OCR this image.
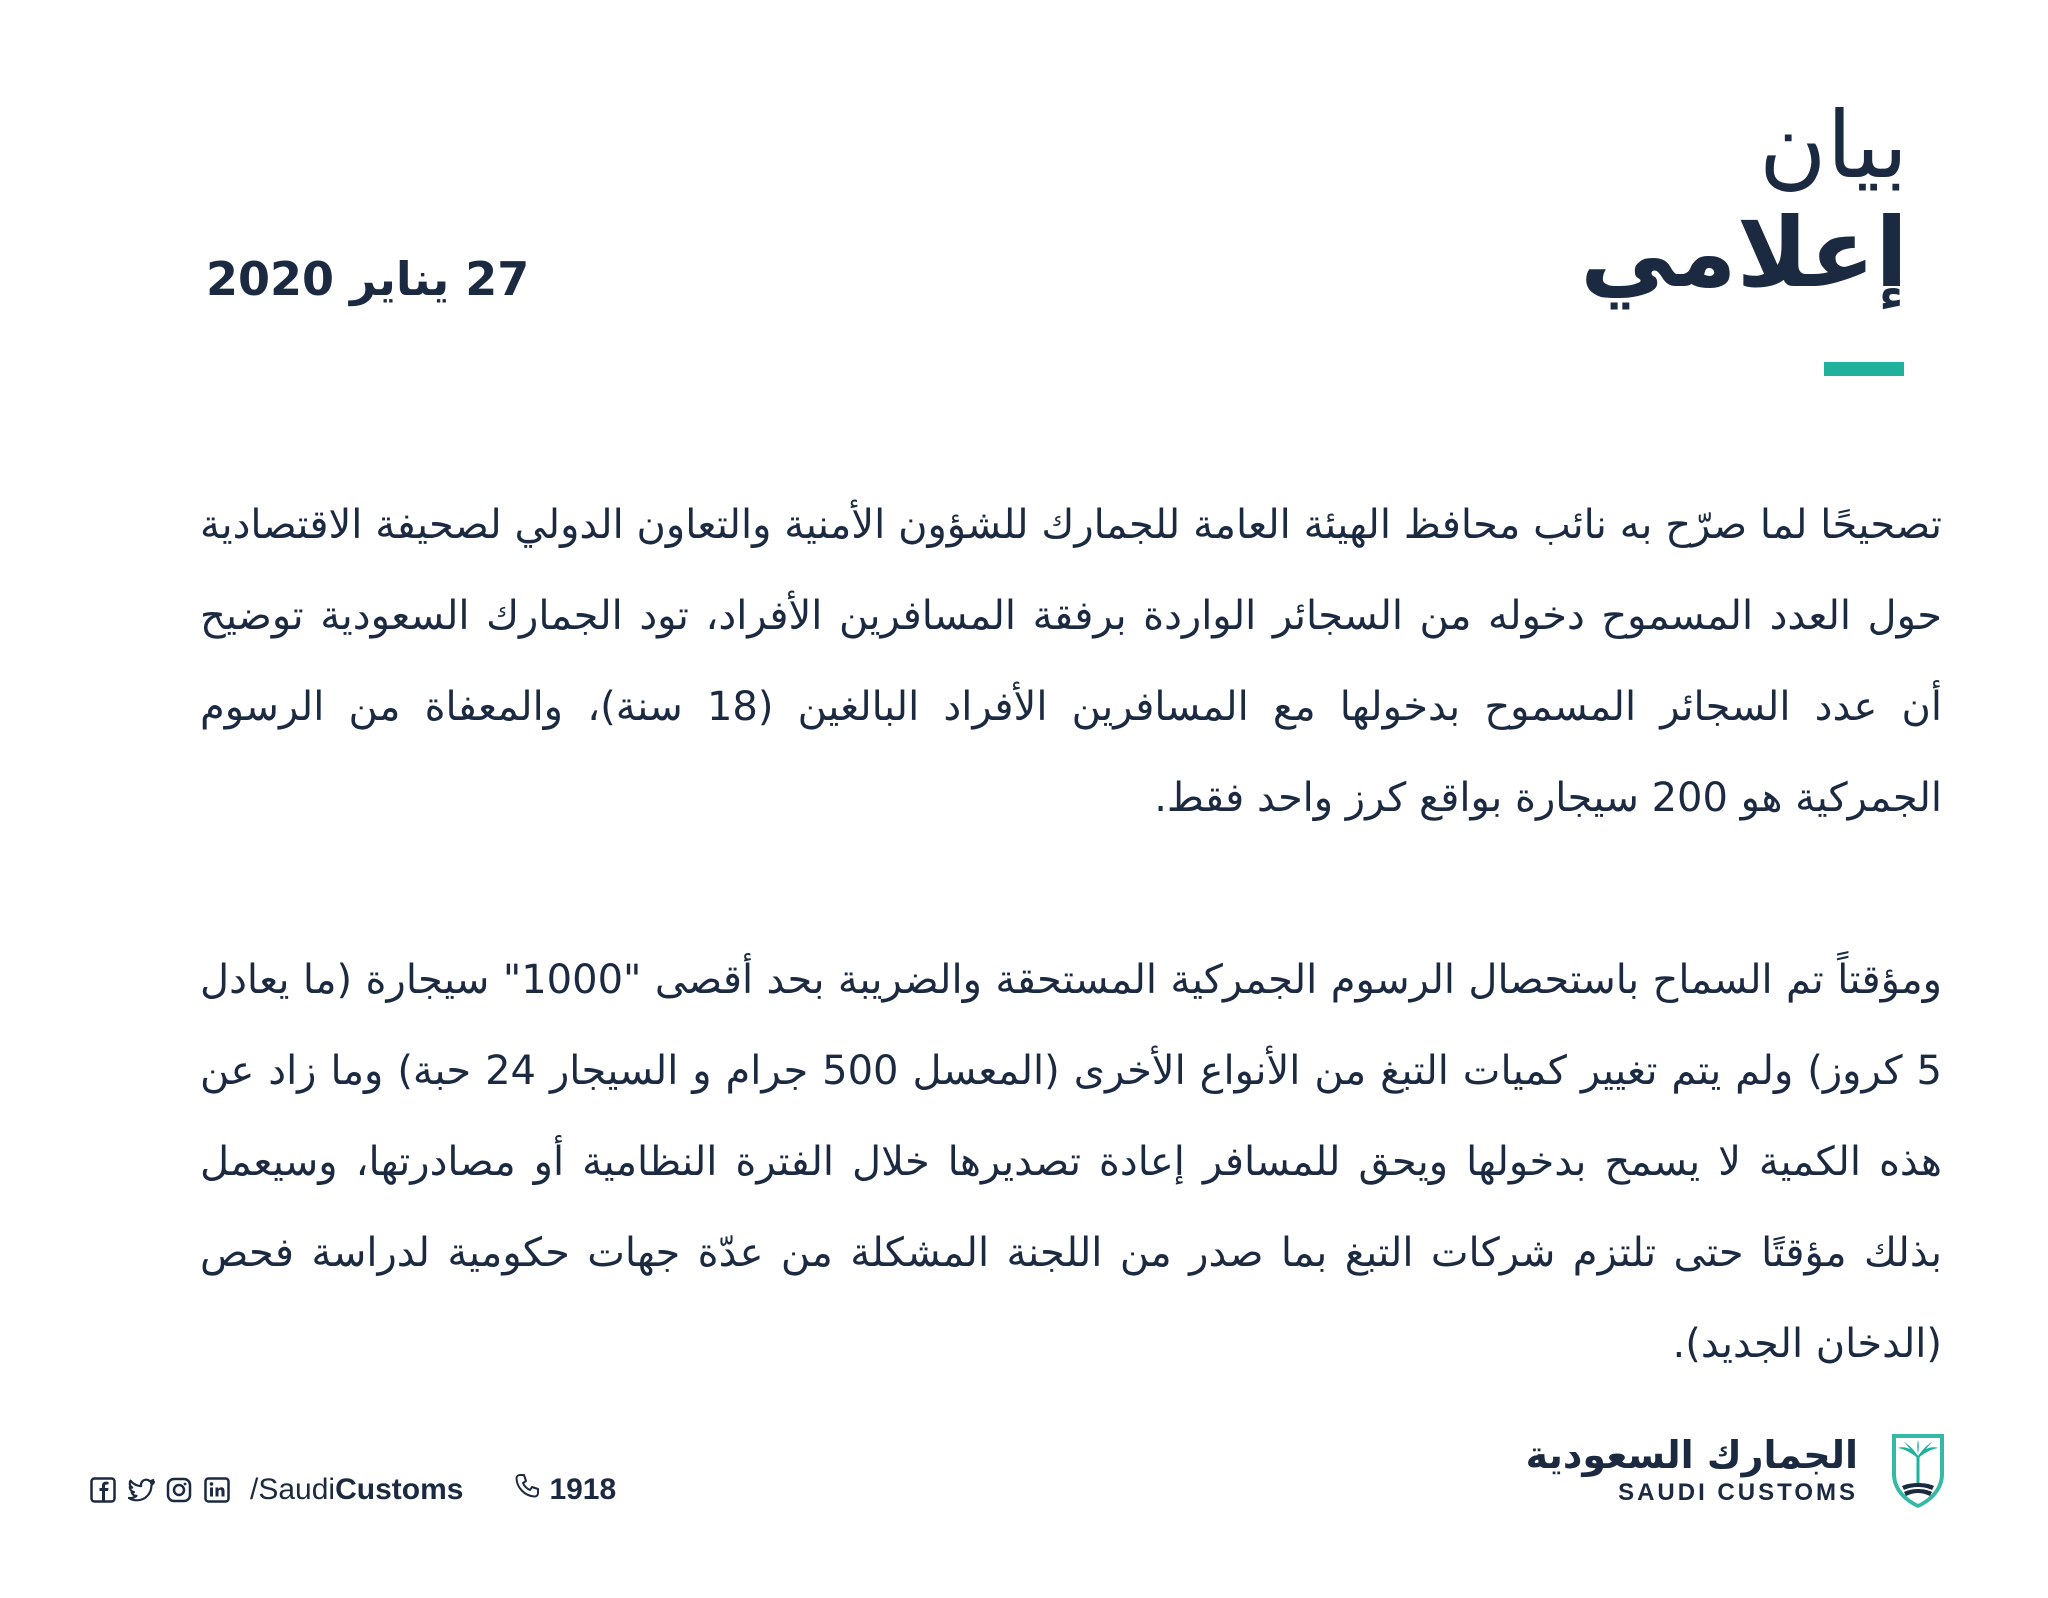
بيان
إعلامي
27 يناير 2020
تصحيحًا لما صرّح به نائب محافظ الهيئة العامة للجمارك للشؤون الأمنية والتعاون الدولي لصحيفة الاقتصادية حول العدد المسموح دخوله من السجائر الواردة برفقة المسافرين الأفراد، تود الجمارك السعودية توضيح أن عدد السجائر المسموح بدخولها مع المسافرين الأفراد البالغين (18 سنة)، والمعفاة من الرسوم الجمركية هو 200 سيجارة بواقع كرز واحد فقط.
ومؤقتاً تم السماح باستحصال الرسوم الجمركية المستحقة والضريبة بحد أقصى "1000" سيجارة (ما يعادل 5 كروز) ولم يتم تغيير كميات التبغ من الأنواع الأخرى (المعسل 500 جرام و السيجار 24 حبة) وما زاد عن هذه الكمية لا يسمح بدخولها ويحق للمسافر إعادة تصديرها خلال الفترة النظامية أو مصادرتها، وسيعمل بذلك مؤقتًا حتى تلتزم شركات التبغ بما صدر من اللجنة المشكلة من عدّة جهات حكومية لدراسة فحص (الدخان الجديد).
/SaudiCustoms	1918
الجمارك السعودية
SAUDI CUSTOMS
